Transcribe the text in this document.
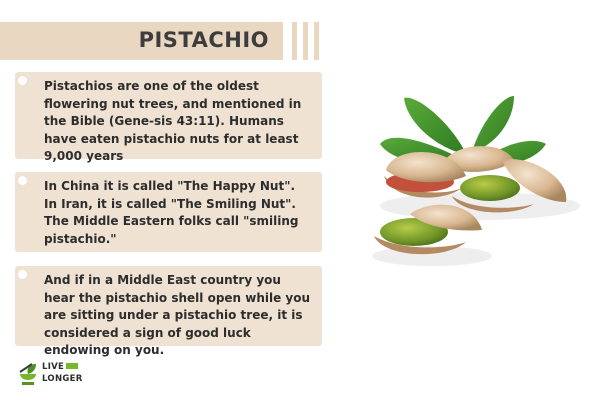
PISTACHIO
Pistachios are one of the oldest flowering nut trees, and mentioned in the Bible (Gene-sis 43:11). Humans have eaten pistachio nuts for at least 9,000 years
In China it is called "The Happy Nut". In Iran, it is called "The Smiling Nut". The Middle Eastern folks call "smiling pistachio."
And if in a Middle East country you hear the pistachio shell open while you are sitting under a pistachio tree, it is considered a sign of good luck endowing on you.
LIVE
LONGER
